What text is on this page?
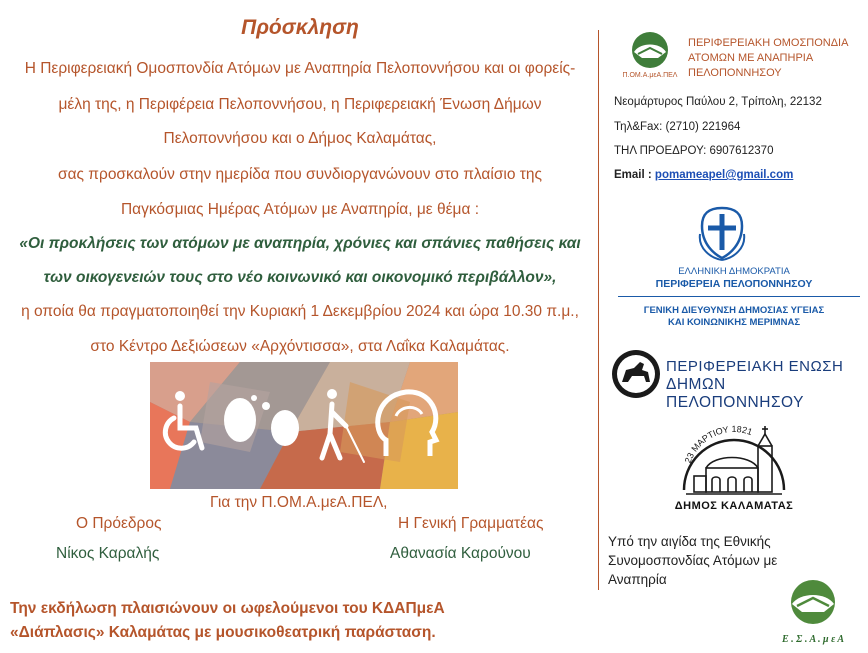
Πρόσκληση
Η Περιφερειακή Ομοσπονδία Ατόμων με Αναπηρία Πελοποννήσου και οι φορείς-
μέλη της, η Περιφέρεια Πελοποννήσου, η Περιφερειακή Ένωση Δήμων
Πελοποννήσου και ο Δήμος Καλαμάτας,
σας προσκαλούν στην ημερίδα που συνδιοργανώνουν στο πλαίσιο της
Παγκόσμιας Ημέρας Ατόμων με Αναπηρία, με θέμα :
«Οι προκλήσεις των ατόμων με αναπηρία, χρόνιες και σπάνιες παθήσεις και
των οικογενειών τους στο νέο κοινωνικό και οικονομικό περιβάλλον»,
η οποία θα πραγματοποιηθεί την Κυριακή 1 Δεκεμβρίου 2024 και ώρα 10.30 π.μ.,
στο Κέντρο Δεξιώσεων «Αρχόντισσα», στα Λαΐκα Καλαμάτας.
Για την Π.ΟΜ.Α.μεΑ.ΠΕΛ,
Ο Πρόεδρος
Νίκος Καραλής
Η Γενική Γραμματέας
Αθανασία Καρούνου
Την εκδήλωση πλαισιώνουν οι ωφελούμενοι του ΚΔΑΠμεΑ
«Διάπλασις» Καλαμάτας με μουσικοθεατρική παράσταση.
Π.ΟΜ.Α.μεΑ.ΠΕΛ
ΠΕΡΙΦΕΡΕΙΑΚΗ ΟΜΟΣΠΟΝΔΙΑ
ΑΤΟΜΩΝ ΜΕ ΑΝΑΠΗΡΙΑ
ΠΕΛΟΠΟΝΝΗΣΟΥ
Νεομάρτυρος Παύλου 2, Τρίπολη, 22132
Τηλ&Fax: (2710) 221964
ΤΗΛ ΠΡΟΕΔΡΟΥ: 6907612370
Email : pomameapel@gmail.com
ΕΛΛΗΝΙΚΗ ΔΗΜΟΚΡΑΤΙΑ
ΠΕΡΙΦΕΡΕΙΑ ΠΕΛΟΠΟΝΝΗΣΟΥ
ΓΕΝΙΚΗ ΔΙΕΥΘΥΝΣΗ ΔΗΜΟΣΙΑΣ ΥΓΕΙΑΣ
ΚΑΙ ΚΟΙΝΩΝΙΚΗΣ ΜΕΡΙΜΝΑΣ
ΠΕΡΙΦΕΡΕΙΑΚΗ ΕΝΩΣΗ
ΔΗΜΩΝ ΠΕΛΟΠΟΝΝΗΣΟΥ
23 ΜΑΡΤΙΟΥ 1821
ΔΗΜΟΣ ΚΑΛΑΜΑΤΑΣ
Υπό την αιγίδα της Εθνικής
Συνομοσπονδίας Ατόμων με
Αναπηρία
Ε . Σ . Α . μ ε Α
